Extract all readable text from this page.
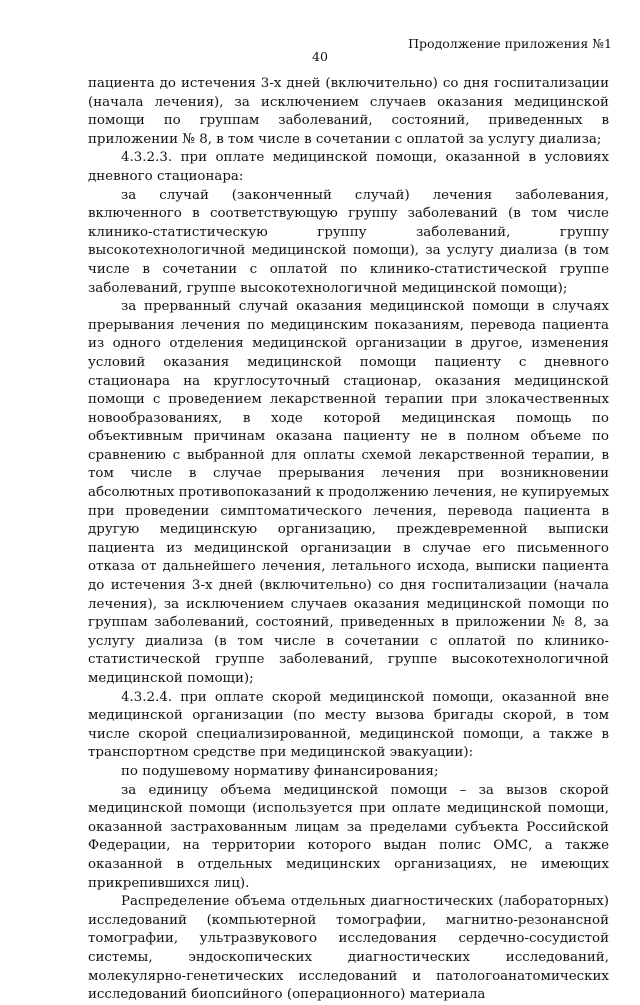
Продолжение приложения №1
40

пациента до истечения 3-х дней (включительно) со дня госпитализации (начала лечения), за исключением случаев оказания медицинской помощи по группам заболеваний, состояний, приведенных в приложении № 8, в том числе в сочетании с оплатой за услугу диализа;

4.3.2.3. при оплате медицинской помощи, оказанной в условиях дневного стационара:

за случай (законченный случай) лечения заболевания, включенного в соответствующую группу заболеваний (в том числе клинико-статистическую группу заболеваний, группу высокотехнологичной медицинской помощи), за услугу диализа (в том числе в сочетании с оплатой по клинико-статистической группе заболеваний, группе высокотехнологичной медицинской помощи);

за прерванный случай оказания медицинской помощи в случаях прерывания лечения по медицинским показаниям, перевода пациента из одного отделения медицинской организации в другое, изменения условий оказания медицинской помощи пациенту с дневного стационара на круглосуточный стационар, оказания медицинской помощи с проведением лекарственной терапии при злокачественных новообразованиях, в ходе которой медицинская помощь по объективным причинам оказана пациенту не в полном объеме по сравнению с выбранной для оплаты схемой лекарственной терапии, в том числе в случае прерывания лечения при возникновении абсолютных противопоказаний к продолжению лечения, не купируемых при проведении симптоматического лечения, перевода пациента в другую медицинскую организацию, преждевременной выписки пациента из медицинской организации в случае его письменного отказа от дальнейшего лечения, летального исхода, выписки пациента до истечения 3-х дней (включительно) со дня госпитализации (начала лечения), за исключением случаев оказания медицинской помощи по группам заболеваний, состояний, приведенных в приложении № 8, за услугу диализа (в том числе в сочетании с оплатой по клинико-статистической группе заболеваний, группе высокотехнологичной медицинской помощи);

4.3.2.4. при оплате скорой медицинской помощи, оказанной вне медицинской организации (по месту вызова бригады скорой, в том числе скорой специализированной, медицинской помощи, а также в транспортном средстве при медицинской эвакуации):

по подушевому нормативу финансирования;

за единицу объема медицинской помощи – за вызов скорой медицинской помощи (используется при оплате медицинской помощи, оказанной застрахованным лицам за пределами субъекта Российской Федерации, на территории которого выдан полис ОМС, а также оказанной в отдельных медицинских организациях, не имеющих прикрепившихся лиц).

Распределение объема отдельных диагностических (лабораторных) исследований (компьютерной томографии, магнитно-резонансной томографии, ультразвукового исследования сердечно-сосудистой системы, эндоскопических диагностических исследований, молекулярно-генетических исследований и патологоанатомических исследований биопсийного (операционного) материала
